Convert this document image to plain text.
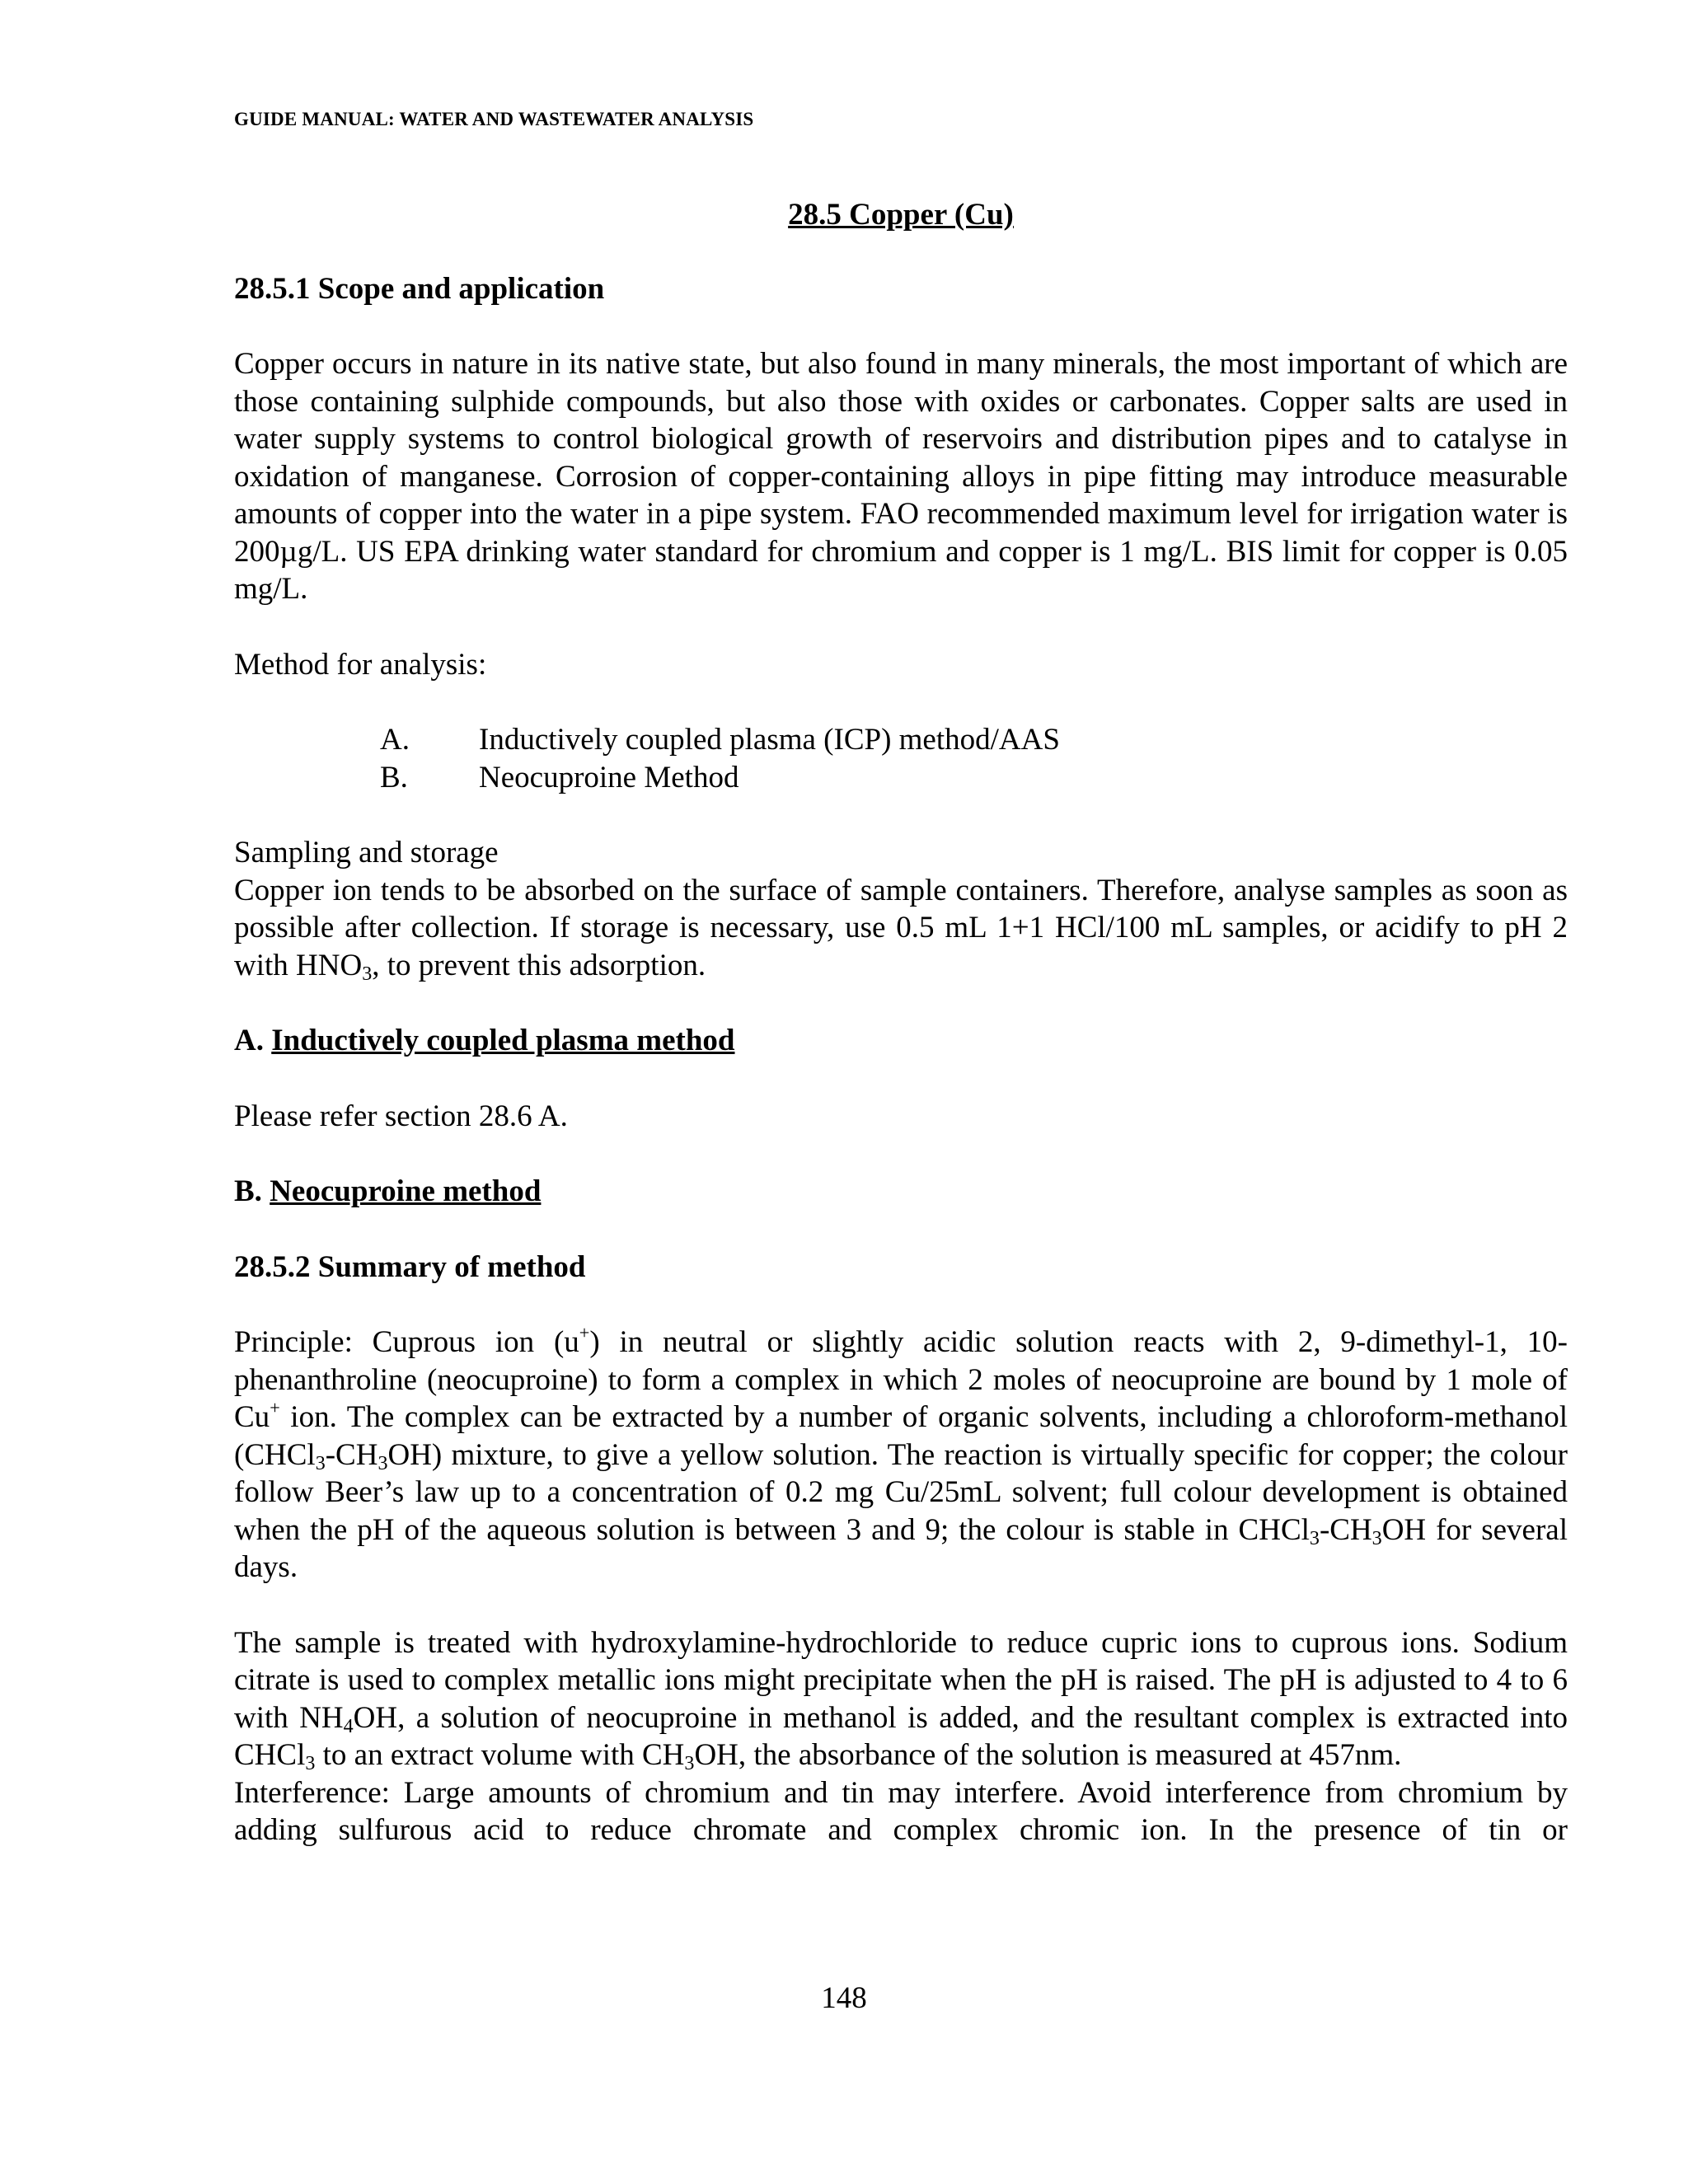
GUIDE MANUAL: WATER AND WASTEWATER ANALYSIS
28.5 Copper (Cu)
28.5.1 Scope and application

Copper occurs in nature in its native state, but also found in many minerals, the most important of which are those containing sulphide compounds, but also those with oxides or carbonates. Copper salts are used in water supply systems to control biological growth of reservoirs and distribution pipes and to catalyse in oxidation of manganese. Corrosion of copper-containing alloys in pipe fitting may introduce measurable amounts of copper into the water in a pipe system. FAO recommended maximum level for irrigation water is 200µg/L. US EPA drinking water standard for chromium and copper is 1 mg/L. BIS limit for copper is 0.05 mg/L.

Method for analysis:

A.	Inductively coupled plasma (ICP) method/AAS
B.	Neocuproine Method

Sampling and storage

Copper ion tends to be absorbed on the surface of sample containers. Therefore, analyse samples as soon as possible after collection. If storage is necessary, use 0.5 mL 1+1 HCl/100 mL samples, or acidify to pH 2 with $HNO_3$, to prevent this adsorption.

A. Inductively coupled plasma method

Please refer section 28.6 A.

B. Neocuproine method
28.5.2 Summary of method

Principle: Cuprous ion (u+) in neutral or slightly acidic solution reacts with 2, 9-dimethyl-1, 10-phenanthroline (neocuproine) to form a complex in which 2 moles of neocuproine are bound by 1 mole of Cu+ ion. The complex can be extracted by a number of organic solvents, including a chloroform-methanol $(CHCl_3-CH_3OH)$ mixture, to give a yellow solution. The reaction is virtually specific for copper; the colour follow Beer’s law up to a concentration of 0.2 mg Cu/25mL solvent; full colour development is obtained when the pH of the aqueous solution is between 3 and 9; the colour is stable in $CHCl_3-CH_3OH$ for several days.

The sample is treated with hydroxylamine-hydrochloride to reduce cupric ions to cuprous ions. Sodium citrate is used to complex metallic ions might precipitate when the pH is raised. The pH is adjusted to 4 to 6 with $NH_4OH$, a solution of neocuproine in methanol is added, and the resultant complex is extracted into CHCl$_3$ to an extract volume with $CH_3OH$, the absorbance of the solution is measured at 457nm.

Interference: Large amounts of chromium and tin may interfere. Avoid interference from chromium by adding sulfurous acid to reduce chromate and complex chromic ion. In the presence of tin or

148
